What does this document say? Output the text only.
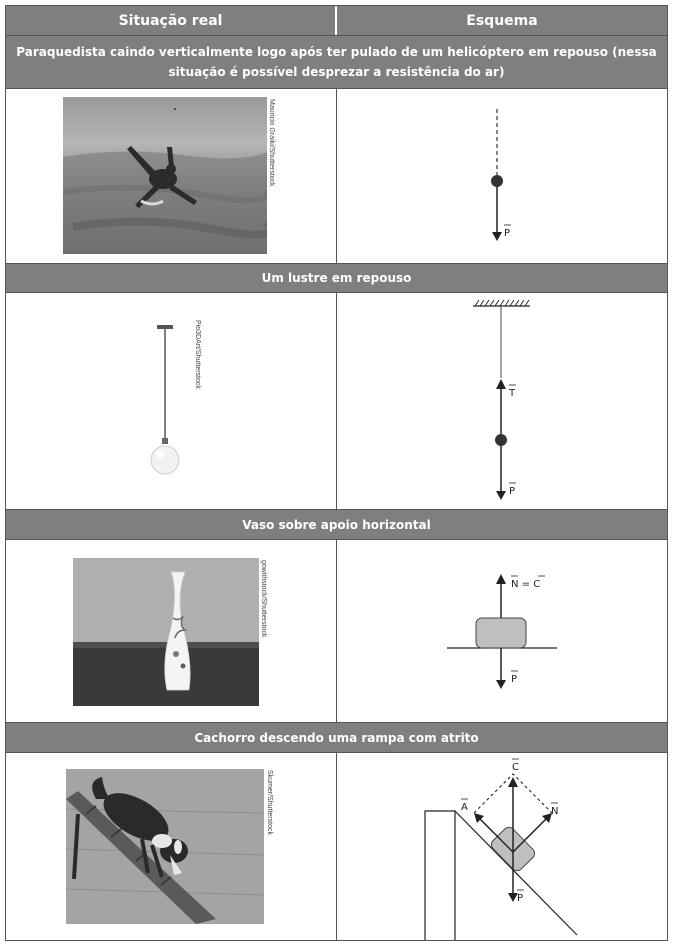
Situação real	Esquema
Paraquedista caindo verticalmente logo após ter pulado de um helicóptero em repouso (nessa situação é possível desprezar a resistência do ar)
Um lustre em repouso
Vaso sobre apoio horizontal
Cachorro descendo uma rampa com atrito
Mauricio Graiki/Shutterstock
P
Pio3DArt/Shutterstock
T
P
gowithstock/Shutterstock	N = C
P
Skumer/Shutterstock
C
A	N
P
